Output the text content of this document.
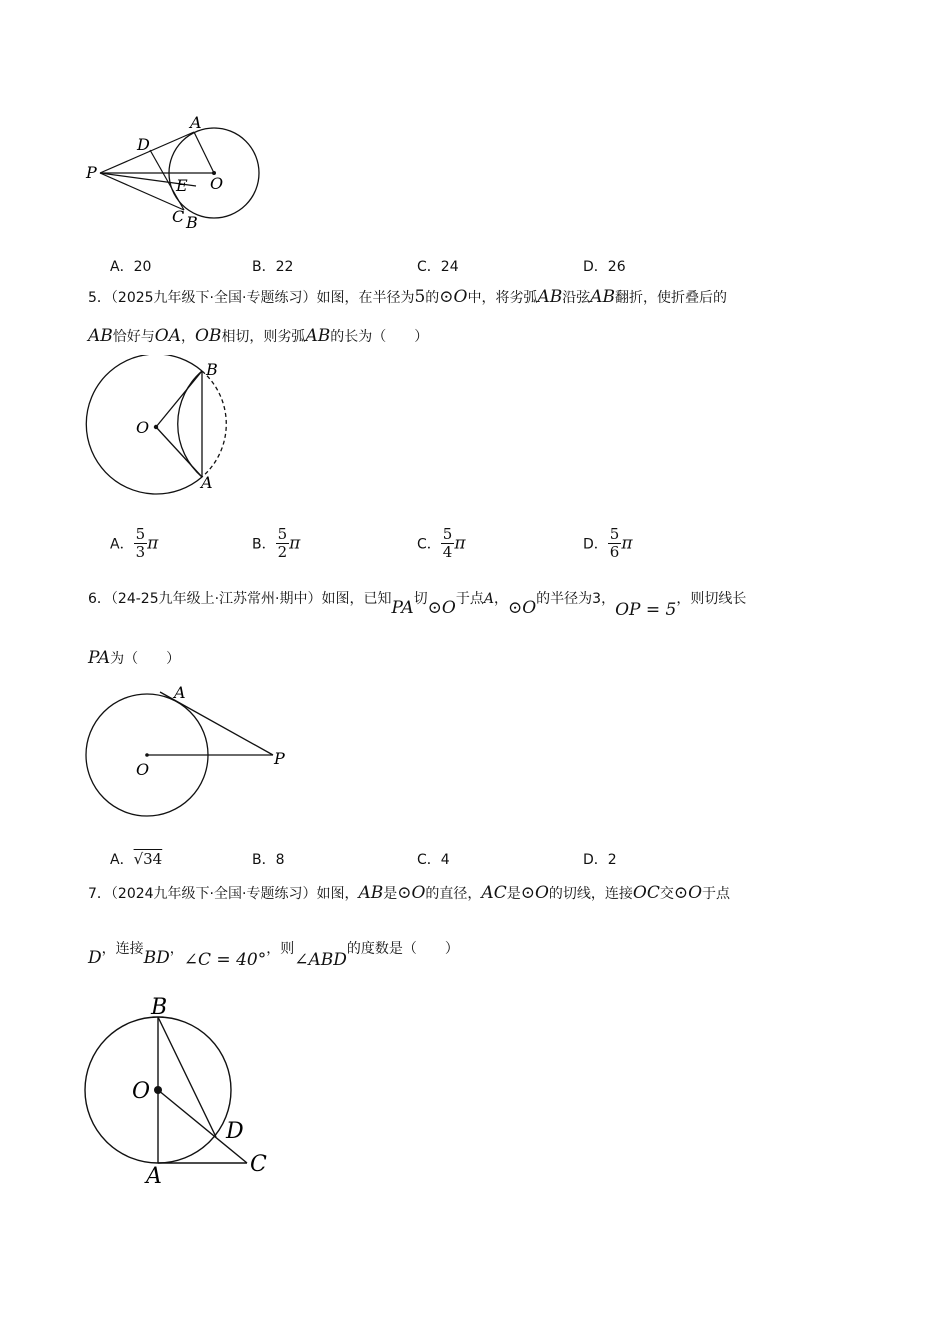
A
D
P
E O
C B
A．20	B．22	C．24	D．26
5．（2025九年级下·全国·专题练习）如图，在半径为5的⊙O中，将劣弧AB沿弦AB翻折，使折叠后的
AB恰好与OA，OB相切，则劣弧AB的长为（　　）
B
O
A
A． $\frac{5}{3}$ π	B． $\frac{5}{2}$ π	C． $\frac{5}{4}$ π	D． $\frac{5}{6}$ π
6．（24-25九年级上·江苏常州·期中）如图，已知PA切⊙O于点A，⊙O的半径为3，OP = 5，则切线长
PA为（　　）
A
O
P
A．√34	B．8	C．4	D．2
7．（2024九年级下·全国·专题练习）如图，AB是⊙O的直径，AC是⊙O的切线，连接OC交⊙O于点
D，连接BD，∠C = 40°，则∠ABD的度数是（　　）
B
O
D
A	C
